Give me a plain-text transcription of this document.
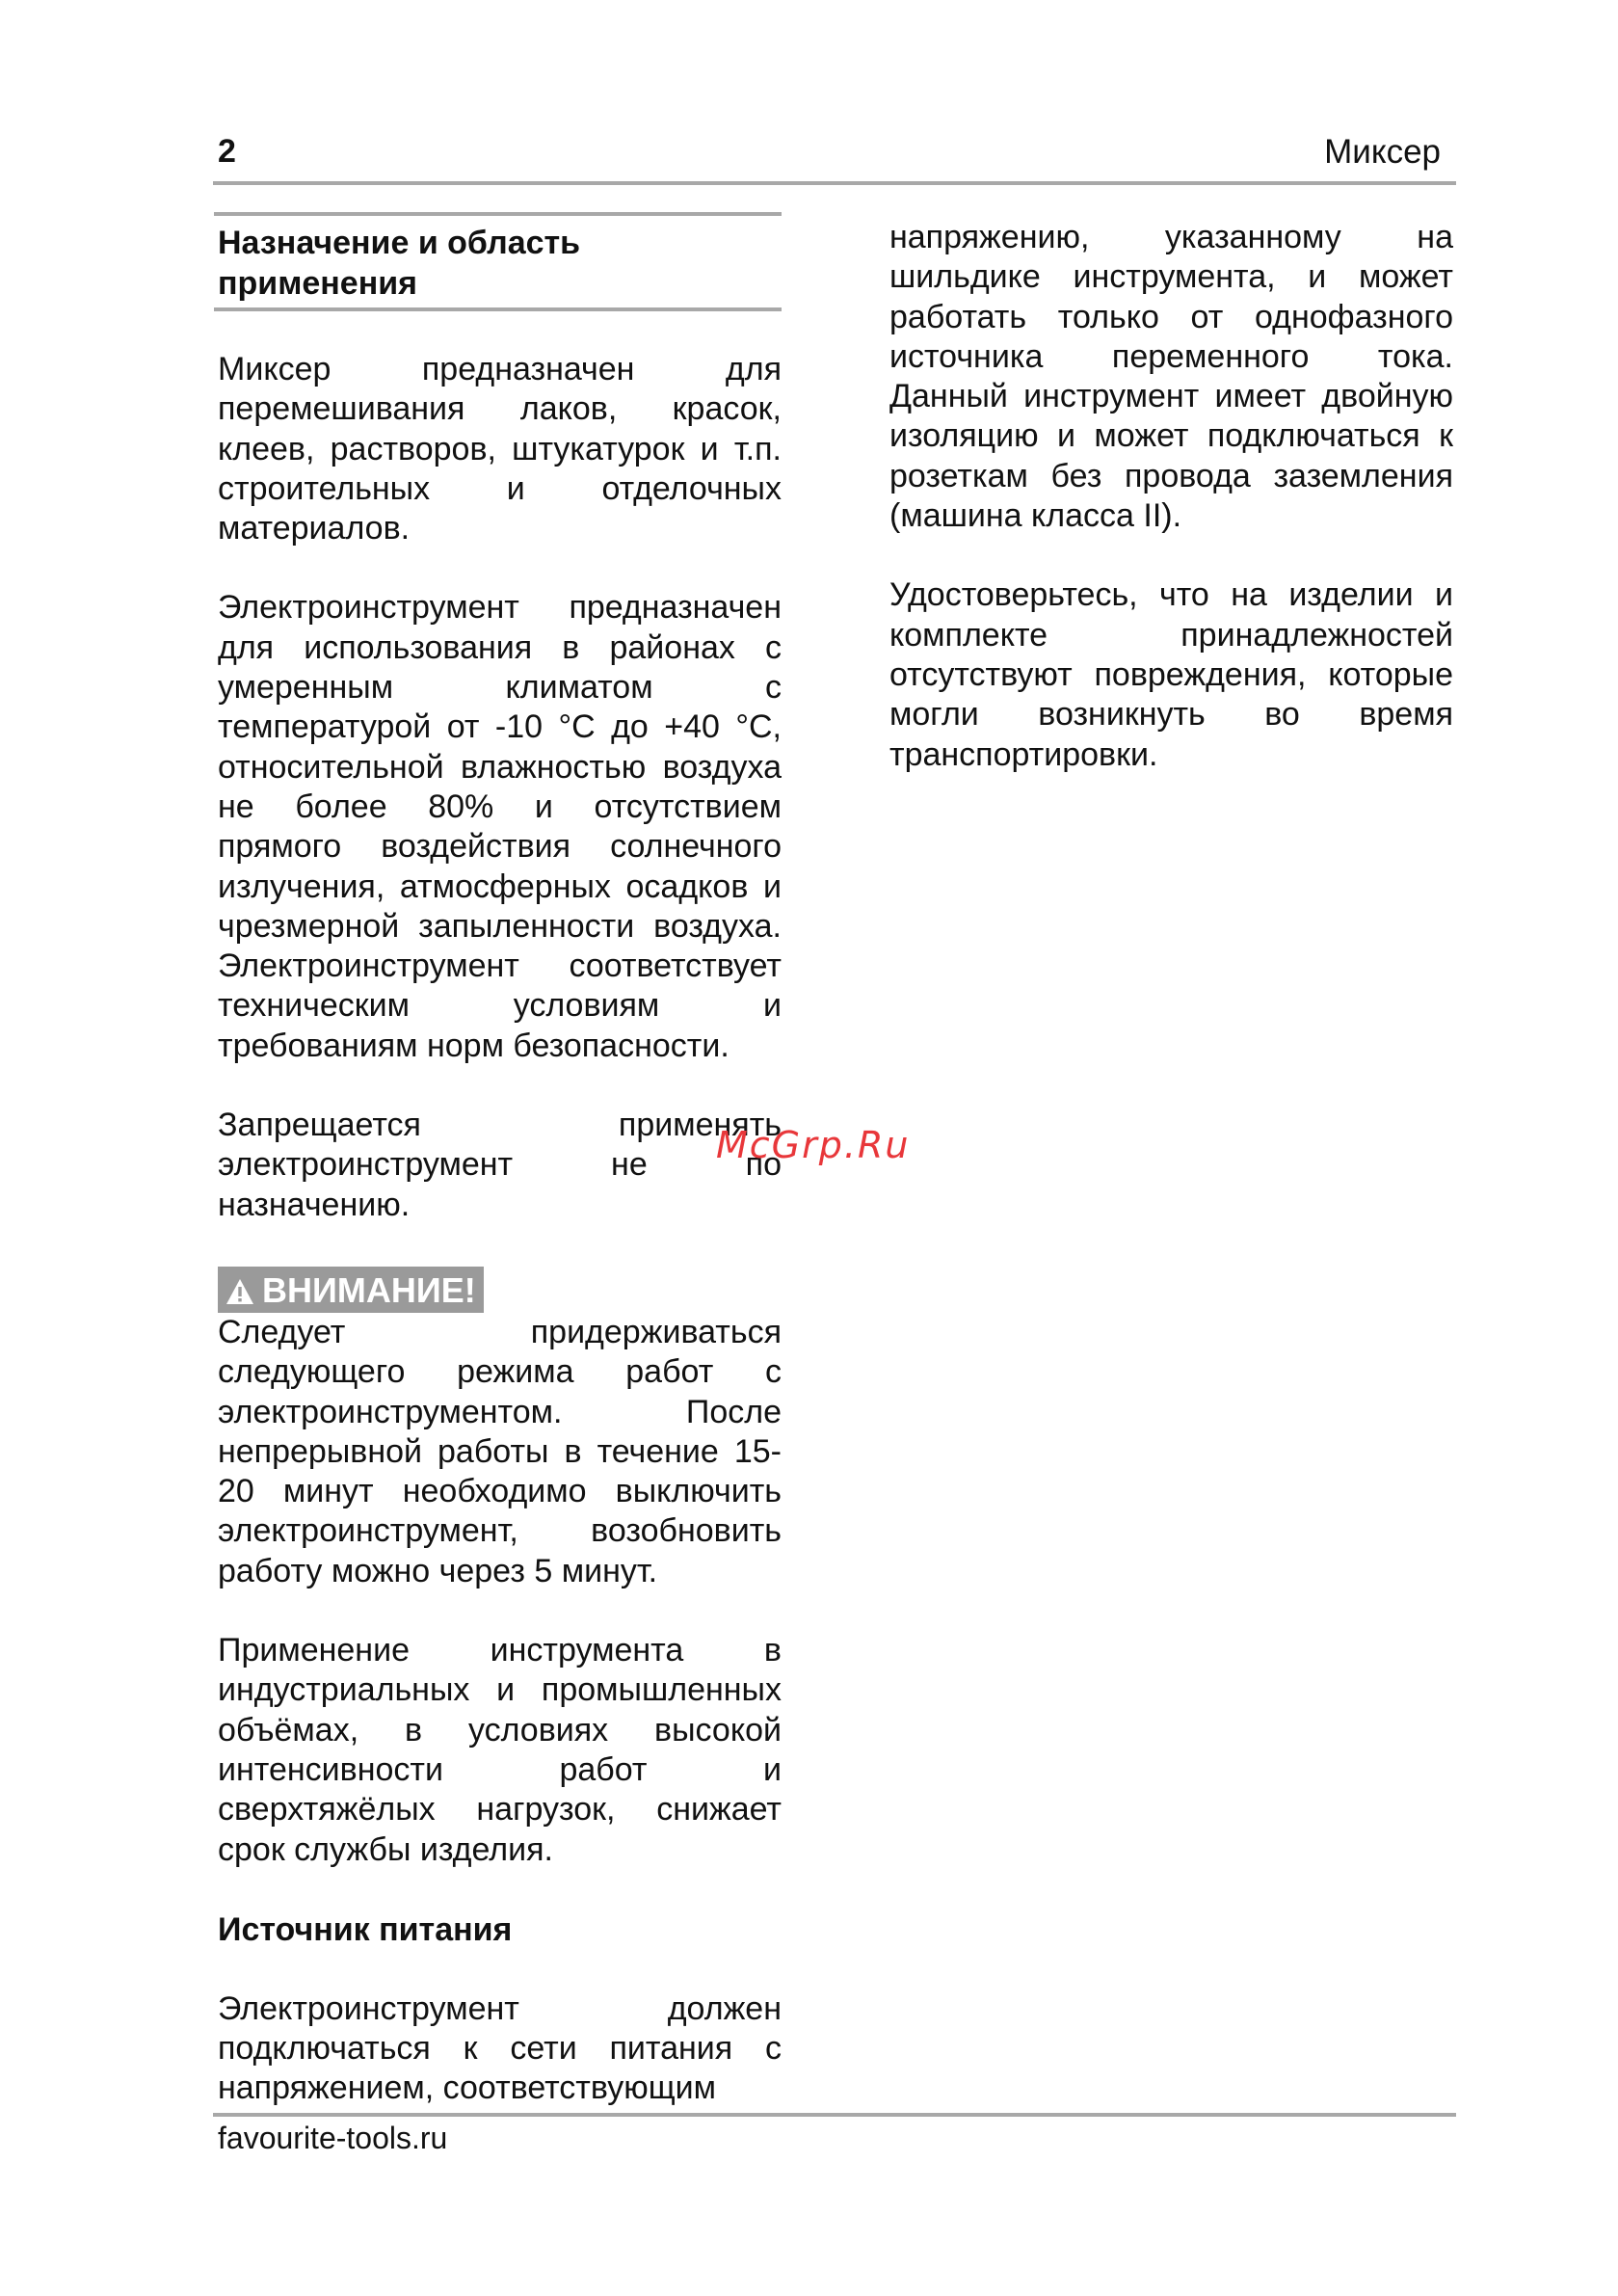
2	Миксер
Назначение и область применения

Миксер предназначен для перемешивания лаков, красок, клеев, растворов, штукатурок и т.п. строительных и отделочных материалов.

Электроинструмент предназначен для использования в районах с умеренным климатом с температурой от -10 °С до +40 °С, относительной влажностью воздуха не более 80% и отсутствием прямого воздействия солнечного излучения, атмосферных осадков и чрезмерной запыленности воздуха. Электроинструмент соответствует техническим условиям и требованиям норм безопасности.

Запрещается применять электроинструмент не по назначению.

ВНИМАНИЕ!

Следует придерживаться следующего режима работ с электроинструментом. После непрерывной работы в течение 15-20 минут необходимо выключить электроинструмент, возобновить работу можно через 5 минут.

Применение инструмента в индустриальных и промышленных объёмах, в условиях высокой интенсивности работ и сверхтяжёлых нагрузок, снижает срок службы изделия.

Источник питания

Электроинструмент должен подключаться к сети питания с напряжением, соответствующим

напряжению, указанному на шильдике инструмента, и может работать только от однофазного источника переменного тока. Данный инструмент имеет двойную изоляцию и может подключаться к розеткам без провода заземления (машина класса II).

Удостоверьтесь, что на изделии и комплекте принадлежностей отсутствуют повреждения, которые могли возникнуть во время транспортировки.

McGrp.Ru
favourite-tools.ru
